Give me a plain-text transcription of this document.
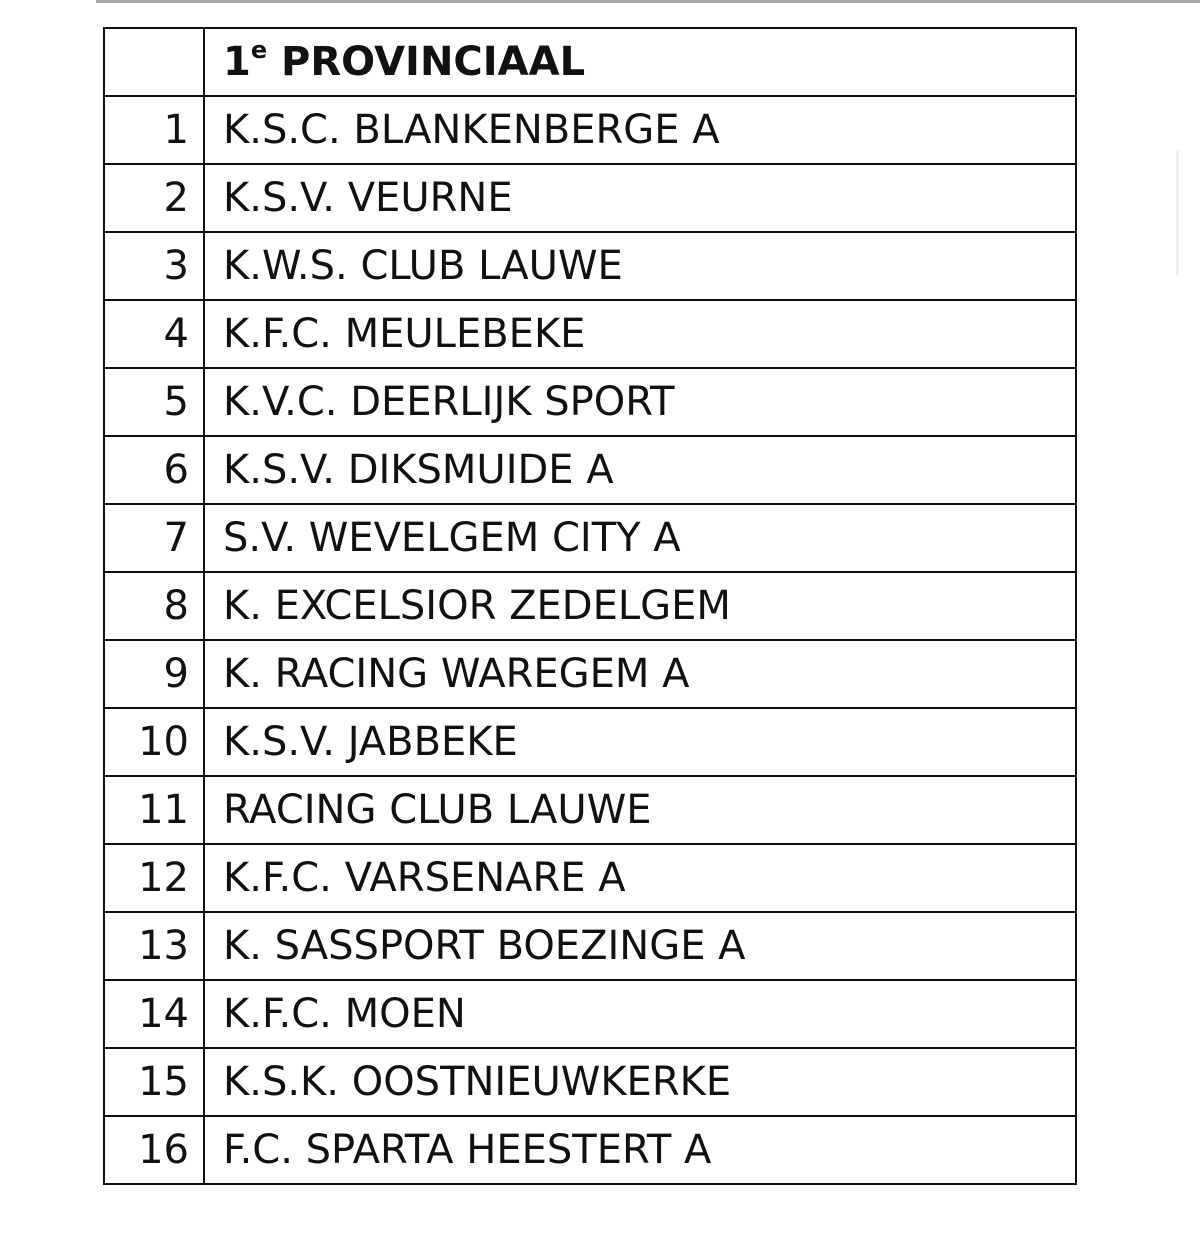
	1e PROVINCIAAL
1	K.S.C. BLANKENBERGE A
2	K.S.V. VEURNE
3	K.W.S. CLUB LAUWE
4	K.F.C. MEULEBEKE
5	K.V.C. DEERLIJK SPORT
6	K.S.V. DIKSMUIDE A
7	S.V. WEVELGEM CITY A
8	K. EXCELSIOR ZEDELGEM
9	K. RACING WAREGEM A
10	K.S.V. JABBEKE
11	RACING CLUB LAUWE
12	K.F.C. VARSENARE A
13	K. SASSPORT BOEZINGE A
14	K.F.C. MOEN
15	K.S.K. OOSTNIEUWKERKE
16	F.C. SPARTA HEESTERT A
